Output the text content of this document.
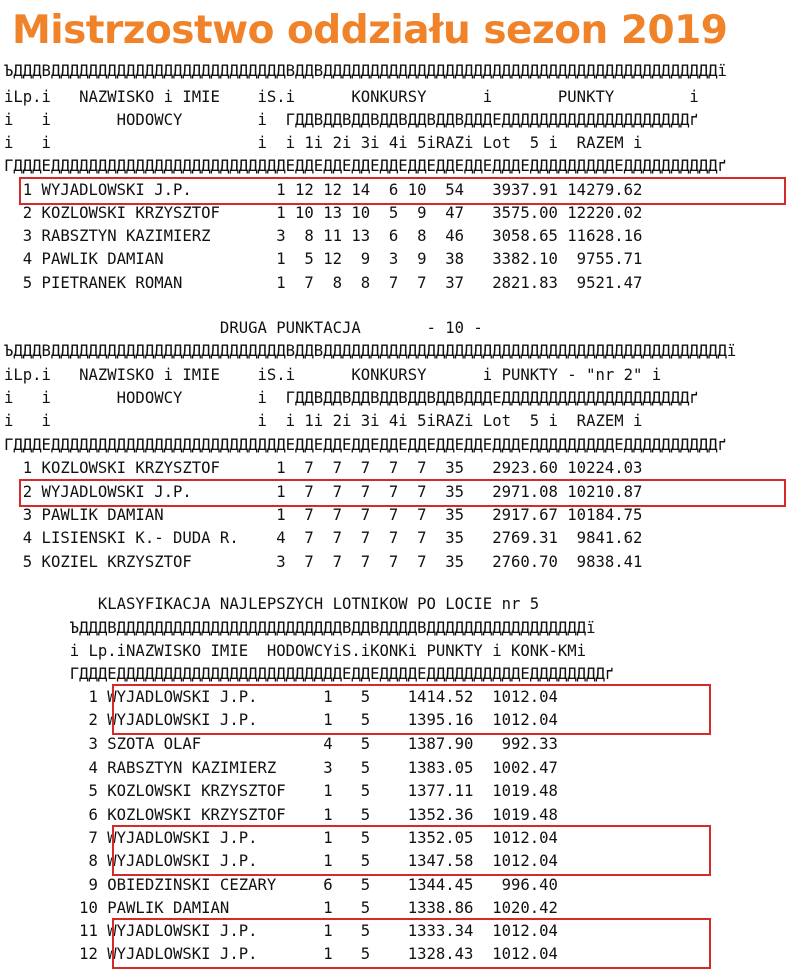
Mistrzostwo oddziału sezon 2019
ЪДДДВДДДДДДДДДДДДДДДДДДДДДДДДДВДДВДДДДДДДДДДДДДДДДДДДДДДДДДДДДДДДДДДДДДДДДДДї
іLp.і   NAZWISKO і IMIE    іS.і      KONKURSY      і       PUNKTY        і
і   і       HODOWCY        і  ГДДВДДВДДВДДВДДВДДВДДДЕДДДДДДДДДДДДДДДДДДДДґ
і   і                      і  і 1і 2і 3і 4і 5іRAZі Lot  5 і  RAZEM і
ГДДДЕДДДДДДДДДДДДДДДДДДДДДДДДДЕДДЕДДЕДДЕДДЕДДЕДДЕДДЕДДДЕДДДДДДДДДЕДДДДДДДДДДґ
1 WYJADLOWSKI J.P.         1 12 12 14  6 10  54   3937.91 14279.62
2 KOZLOWSKI KRZYSZTOF      1 10 13 10  5  9  47   3575.00 12220.02
3 RABSZTYN KAZIMIERZ       3  8 11 13  6  8  46   3058.65 11628.16
4 PAWLIK DAMIAN            1  5 12  9  3  9  38   3382.10  9755.71
5 PIETRANEK ROMAN          1  7  8  8  7  7  37   2821.83  9521.47
DRUGA PUNKTACJA       - 10 -
ЪДДДВДДДДДДДДДДДДДДДДДДДДДДДДДВДДВДДДДДДДДДДДДДДДДДДДДДДДДДДДДДДДДДДДДДДДДДДДї
іLp.і   NAZWISKO і IMIE    іS.і      KONKURSY      і PUNKTY - "nr 2" і
і   і       HODOWCY        і  ГДДВДДВДДВДДВДДВДДВДДДЕДДДДДДДДДДДДДДДДДДДДґ
і   і                      і  і 1і 2і 3і 4і 5іRAZі Lot  5 і  RAZEM і
ГДДДЕДДДДДДДДДДДДДДДДДДДДДДДДДЕДДЕДДЕДДЕДДЕДДЕДДЕДДЕДДДЕДДДДДДДДДЕДДДДДДДДДДґ
1 KOZLOWSKI KRZYSZTOF      1  7  7  7  7  7  35   2923.60 10224.03
2 WYJADLOWSKI J.P.         1  7  7  7  7  7  35   2971.08 10210.87
3 PAWLIK DAMIAN            1  7  7  7  7  7  35   2917.67 10184.75
4 LISIENSKI K.- DUDA R.    4  7  7  7  7  7  35   2769.31  9841.62
5 KOZIEL KRZYSZTOF         3  7  7  7  7  7  35   2760.70  9838.41
KLASYFIKACJA NAJLEPSZYCH LOTNIKOW PO LOCIE nr 5
ЪДДДВДДДДДДДДДДДДДДДДДДДДДДДДВДДВДДДДВДДДДДДДДДДДДДДДДДї
і Lp.іNAZWISKO IMIE  HODOWCYіS.іKONKі PUNKTY і KONK-KMі
ГДДДЕДДДДДДДДДДДДДДДДДДДДДДДДЕДДЕДДДДЕДДДДДДДДДДЕДДДДДДДДґ
1 WYJADLOWSKI J.P.       1   5    1414.52  1012.04
2 WYJADLOWSKI J.P.       1   5    1395.16  1012.04
3 SZOTA OLAF             4   5    1387.90   992.33
4 RABSZTYN KAZIMIERZ     3   5    1383.05  1002.47
5 KOZLOWSKI KRZYSZTOF    1   5    1377.11  1019.48
6 KOZLOWSKI KRZYSZTOF    1   5    1352.36  1019.48
7 WYJADLOWSKI J.P.       1   5    1352.05  1012.04
8 WYJADLOWSKI J.P.       1   5    1347.58  1012.04
9 OBIEDZINSKI CEZARY     6   5    1344.45   996.40
10 PAWLIK DAMIAN          1   5    1338.86  1020.42
11 WYJADLOWSKI J.P.       1   5    1333.34  1012.04
12 WYJADLOWSKI J.P.       1   5    1328.43  1012.04
